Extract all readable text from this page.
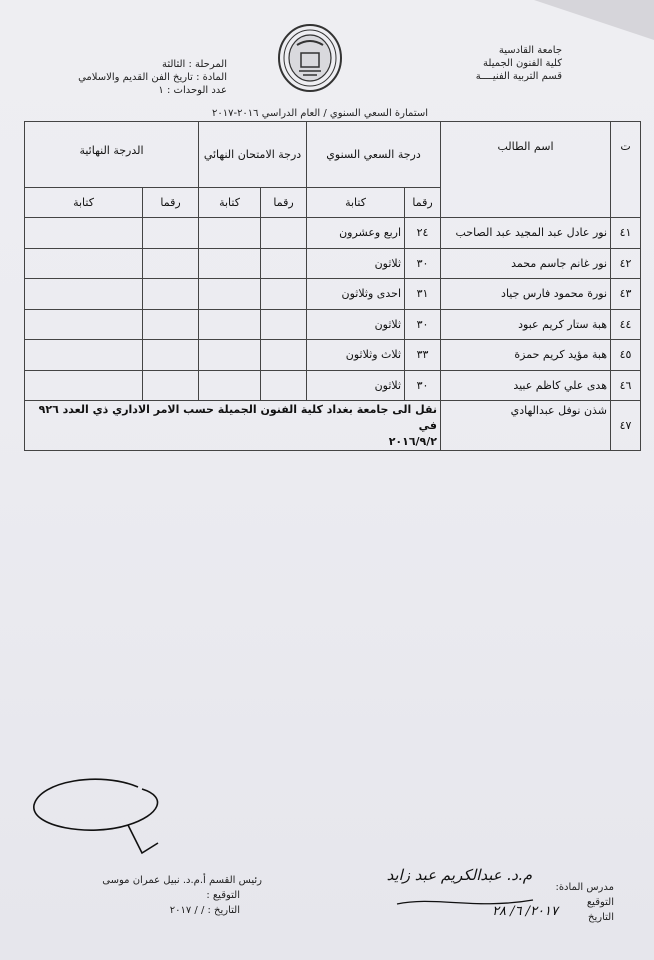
جامعة القادسية
كلية الفنون الجميلة
قسم التربية الفنيــــة
المرحلة : الثالثة
المادة : تاريخ الفن القديم والاسلامي
عدد الوحدات : ١
استمارة السعي السنوي / العام الدراسي ٢٠١٦-٢٠١٧
ت	اسم الطالب	درجة السعي السنوي		درجة الامتحان النهائي		الدرجة النهائية	
		رقما	كتابة	رقما	كتابة	رقما	كتابة
٤١	نور عادل عبد المجيد عبد الصاحب	٢٤	اربع وعشرون				
٤٢	نور غانم جاسم محمد	٣٠	ثلاثون				
٤٣	نورة محمود فارس جياد	٣١	احدى وثلاثون				
٤٤	هبة ستار كريم عبود	٣٠	ثلاثون				
٤٥	هبة مؤيد كريم حمزة	٣٣	ثلاث وثلاثون				
٤٦	هدى علي كاظم عبيد	٣٠	ثلاثون				
٤٧	شذن نوفل عبدالهادي	نقل الى جامعة بغداد كلية الفنون الجميلة حسب الامر الاداري ذي العدد ٩٢٦ في
٢٠١٦/٩/٢					
رئيس القسم أ.م.د. نبيل عمران موسى
التوقيع :
التاريخ : / / ٢٠١٧
مدرس المادة:
التوقيع
التاريخ
م.د. عبدالكريم عبد زايد
٢٠١٧/ ٦/ ٢٨
